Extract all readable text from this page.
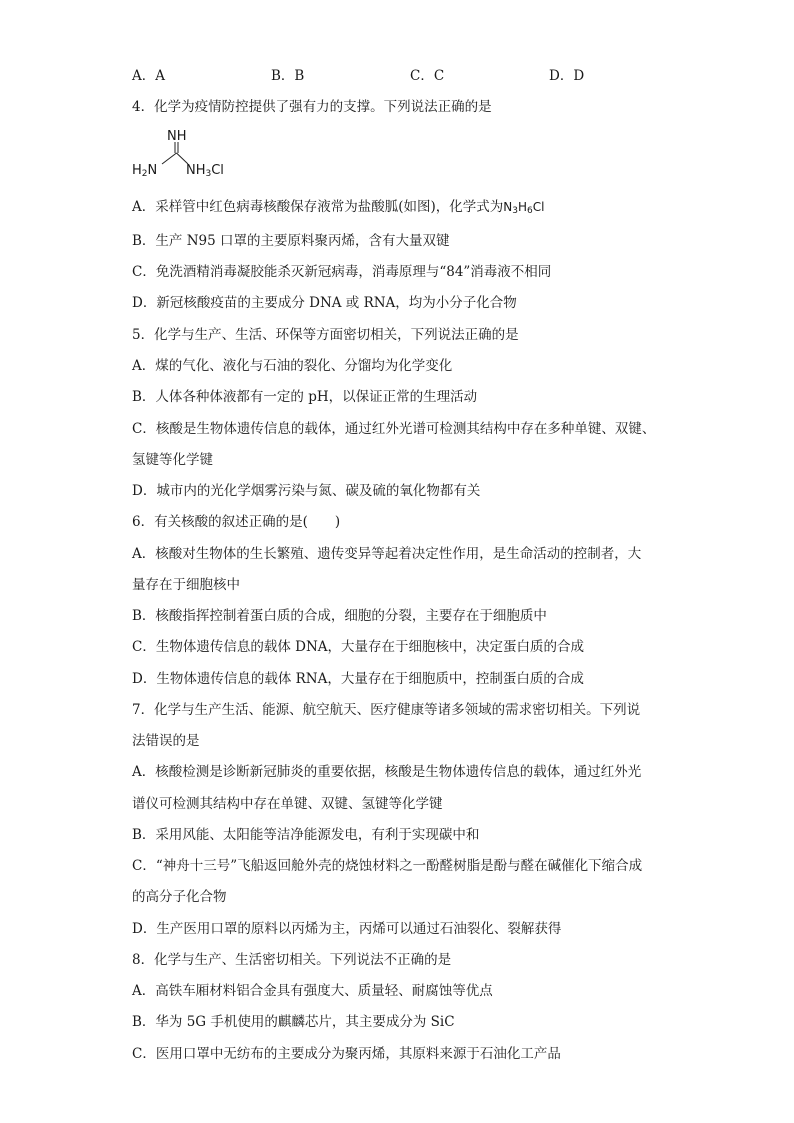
A．A	B．B	C．C	D．D
4．化学为疫情防控提供了强有力的支撑。下列说法正确的是
NH
$H_2N$ $NH_3Cl$
A．采样管中红色病毒核酸保存液常为盐酸胍(如图)，化学式为$N_3H_6Cl$
B．生产 N95 口罩的主要原料聚丙烯，含有大量双键
C．免洗酒精消毒凝胶能杀灭新冠病毒，消毒原理与“84”消毒液不相同
D．新冠核酸疫苗的主要成分 DNA 或 RNA，均为小分子化合物
5．化学与生产、生活、环保等方面密切相关，下列说法正确的是
A．煤的气化、液化与石油的裂化、分馏均为化学变化
B．人体各种体液都有一定的 pH，以保证正常的生理活动
C．核酸是生物体遗传信息的载体，通过红外光谱可检测其结构中存在多种单键、双键、
氢键等化学键
D．城市内的光化学烟雾污染与氮、碳及硫的氧化物都有关
6．有关核酸的叙述正确的是(　　)
A．核酸对生物体的生长繁殖、遗传变异等起着决定性作用，是生命活动的控制者，大
量存在于细胞核中
B．核酸指挥控制着蛋白质的合成，细胞的分裂，主要存在于细胞质中
C．生物体遗传信息的载体 DNA，大量存在于细胞核中，决定蛋白质的合成
D．生物体遗传信息的载体 RNA，大量存在于细胞质中，控制蛋白质的合成
7．化学与生产生活、能源、航空航天、医疗健康等诸多领域的需求密切相关。下列说
法错误的是
A．核酸检测是诊断新冠肺炎的重要依据，核酸是生物体遗传信息的载体，通过红外光
谱仪可检测其结构中存在单键、双键、氢键等化学键
B．采用风能、太阳能等洁净能源发电，有利于实现碳中和
C．“神舟十三号”飞船返回舱外壳的烧蚀材料之一酚醛树脂是酚与醛在碱催化下缩合成
的高分子化合物
D．生产医用口罩的原料以丙烯为主，丙烯可以通过石油裂化、裂解获得
8．化学与生产、生活密切相关。下列说法不正确的是
A．高铁车厢材料铝合金具有强度大、质量轻、耐腐蚀等优点
B．华为 5G 手机使用的麒麟芯片，其主要成分为 SiC
C．医用口罩中无纺布的主要成分为聚丙烯，其原料来源于石油化工产品
